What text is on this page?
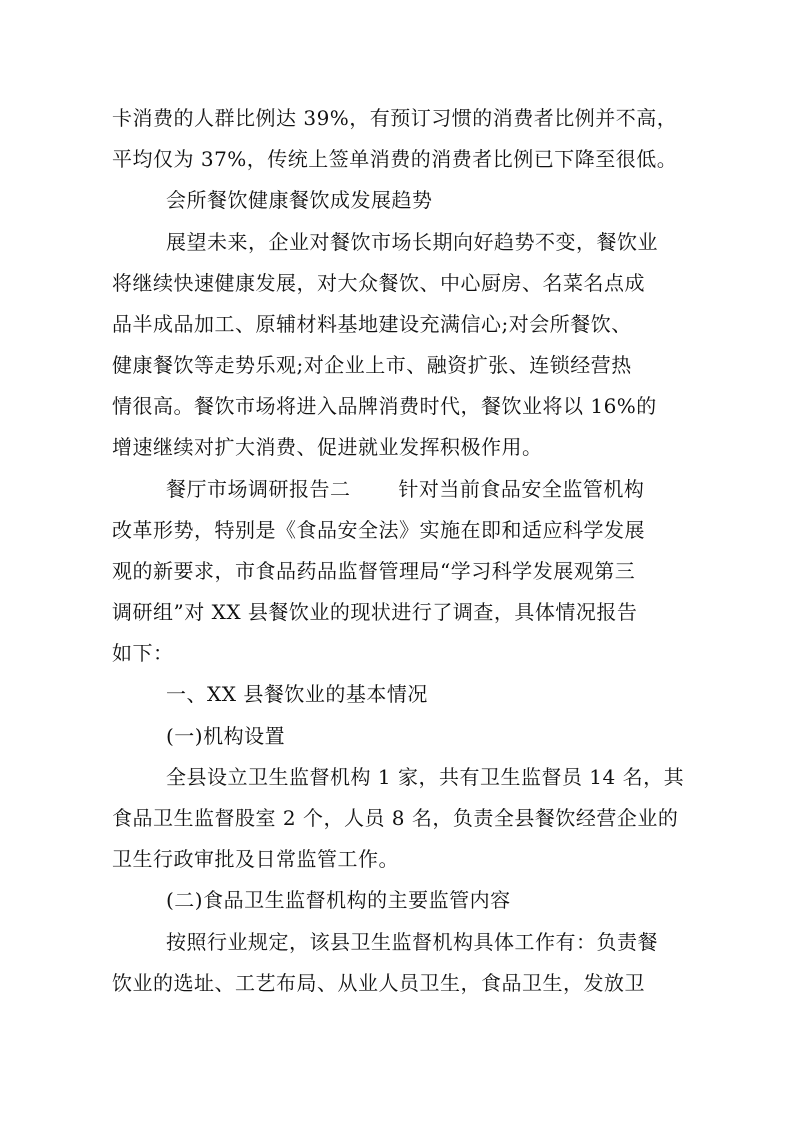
卡消费的人群比例达 39%，有预订习惯的消费者比例并不高，
平均仅为 37%，传统上签单消费的消费者比例已下降至很低。
会所餐饮健康餐饮成发展趋势
展望未来，企业对餐饮市场长期向好趋势不变，餐饮业
将继续快速健康发展，对大众餐饮、中心厨房、名菜名点成
品半成品加工、原辅材料基地建设充满信心;对会所餐饮、
健康餐饮等走势乐观;对企业上市、融资扩张、连锁经营热
情很高。餐饮市场将进入品牌消费时代，餐饮业将以 16%的
增速继续对扩大消费、促进就业发挥积极作用。
餐厅市场调研报告二　　 针对当前食品安全监管机构
改革形势，特别是《食品安全法》实施在即和适应科学发展
观的新要求，市食品药品监督管理局“学习科学发展观第三
调研组”对 XX 县餐饮业的现状进行了调查，具体情况报告
如下：
一、XX 县餐饮业的基本情况
(一)机构设置
全县设立卫生监督机构 1 家，共有卫生监督员 14 名，其
食品卫生监督股室 2 个，人员 8 名，负责全县餐饮经营企业的
卫生行政审批及日常监管工作。
(二)食品卫生监督机构的主要监管内容
按照行业规定，该县卫生监督机构具体工作有：负责餐
饮业的选址、工艺布局、从业人员卫生，食品卫生，发放卫
